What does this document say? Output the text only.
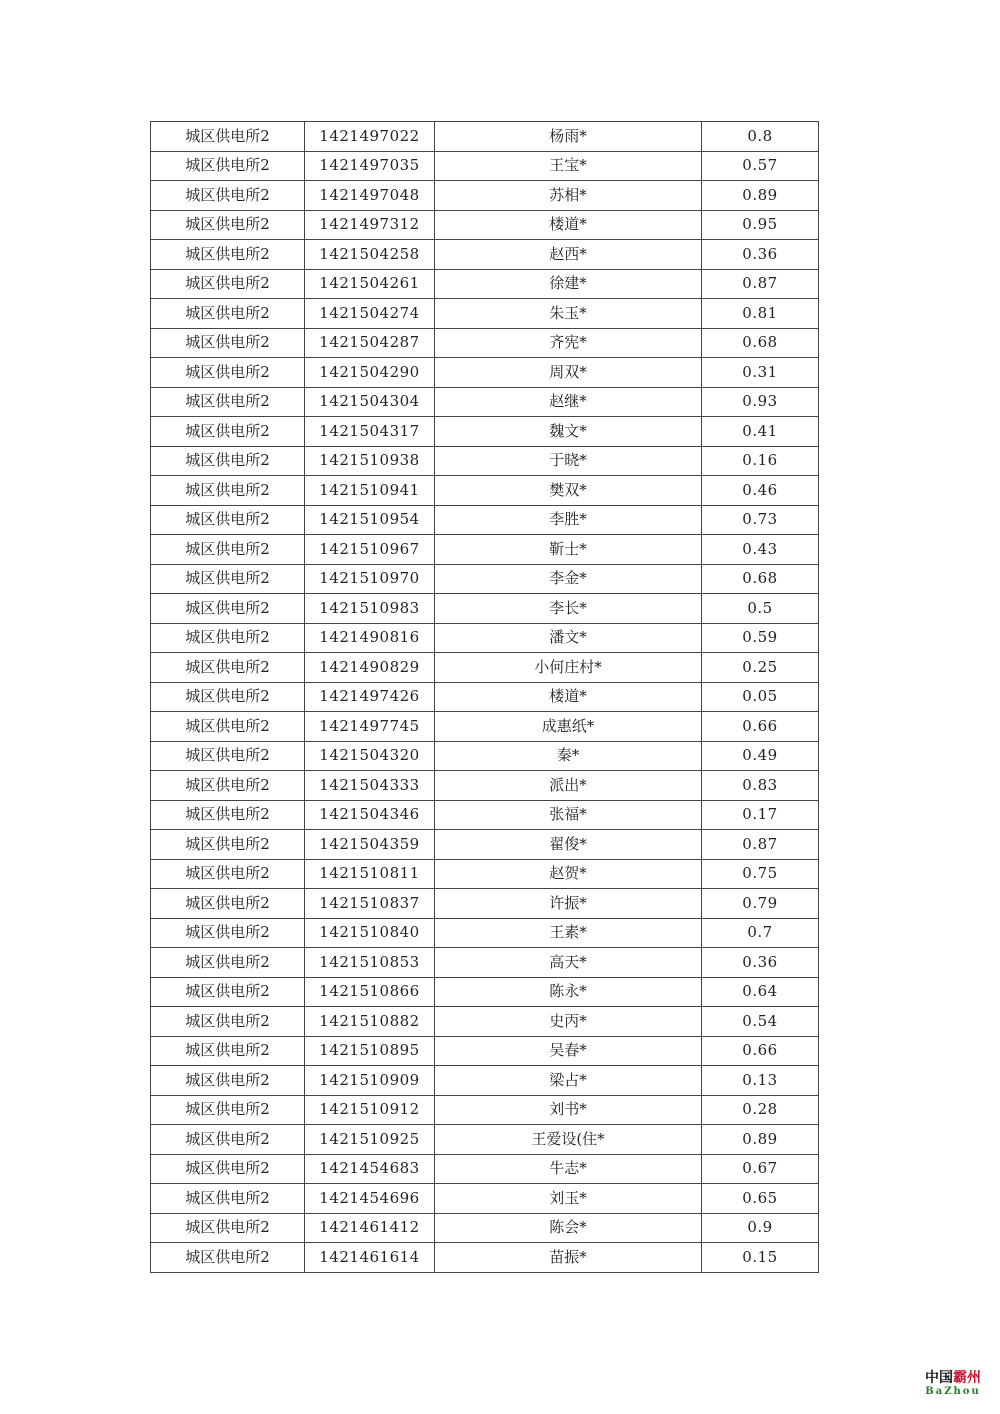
城区供电所2	1421497022	杨雨*	0.8
城区供电所2	1421497035	王宝*	0.57
城区供电所2	1421497048	苏相*	0.89
城区供电所2	1421497312	楼道*	0.95
城区供电所2	1421504258	赵西*	0.36
城区供电所2	1421504261	徐建*	0.87
城区供电所2	1421504274	朱玉*	0.81
城区供电所2	1421504287	齐宪*	0.68
城区供电所2	1421504290	周双*	0.31
城区供电所2	1421504304	赵继*	0.93
城区供电所2	1421504317	魏文*	0.41
城区供电所2	1421510938	于晓*	0.16
城区供电所2	1421510941	樊双*	0.46
城区供电所2	1421510954	李胜*	0.73
城区供电所2	1421510967	靳士*	0.43
城区供电所2	1421510970	李金*	0.68
城区供电所2	1421510983	李长*	0.5
城区供电所2	1421490816	潘文*	0.59
城区供电所2	1421490829	小何庄村*	0.25
城区供电所2	1421497426	楼道*	0.05
城区供电所2	1421497745	成惠纸*	0.66
城区供电所2	1421504320	秦*	0.49
城区供电所2	1421504333	派出*	0.83
城区供电所2	1421504346	张福*	0.17
城区供电所2	1421504359	翟俊*	0.87
城区供电所2	1421510811	赵贺*	0.75
城区供电所2	1421510837	许振*	0.79
城区供电所2	1421510840	王素*	0.7
城区供电所2	1421510853	高天*	0.36
城区供电所2	1421510866	陈永*	0.64
城区供电所2	1421510882	史丙*	0.54
城区供电所2	1421510895	吴春*	0.66
城区供电所2	1421510909	梁占*	0.13
城区供电所2	1421510912	刘书*	0.28
城区供电所2	1421510925	王爱设(住*	0.89
城区供电所2	1421454683	牛志*	0.67
城区供电所2	1421454696	刘玉*	0.65
城区供电所2	1421461412	陈会*	0.9
城区供电所2	1421461614	苗振*	0.15
中国霸州
BaZhou
